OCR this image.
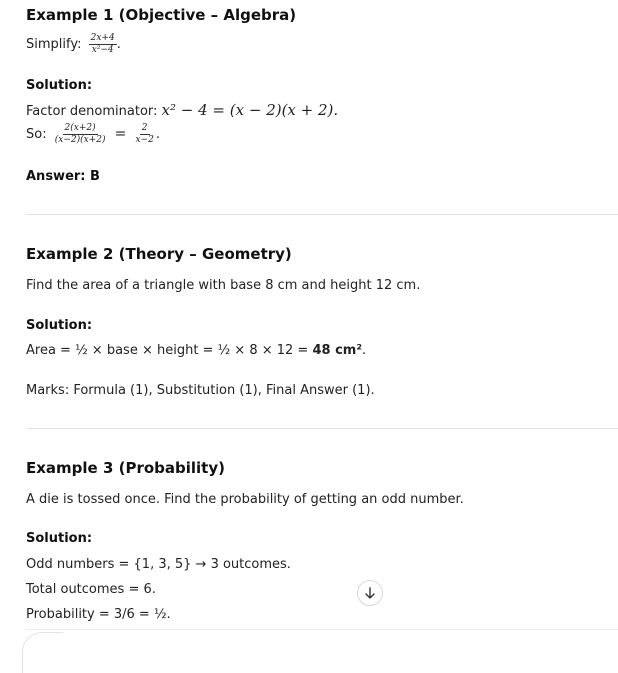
Example 1 (Objective – Algebra)
Simplify: $\frac{2x+4}{\text{x²−4}}$ .
Solution:
Factor denominator: x² − 4 = (x − 2)(x + 2).
So: $\frac{2(x+2)}{(x-2)(x+2)} = \frac{2}{x-2}$ .
Answer: B
Example 2 (Theory – Geometry)
Find the area of a triangle with base 8 cm and height 12 cm.
Solution:
Area = ½ × base × height = ½ × 8 × 12 = 48 cm².
Marks: Formula (1), Substitution (1), Final Answer (1).
Example 3 (Probability)
A die is tossed once. Find the probability of getting an odd number.
Solution:
Odd numbers = {1, 3, 5} → 3 outcomes.
Total outcomes = 6.
Probability = 3/6 = ½.
